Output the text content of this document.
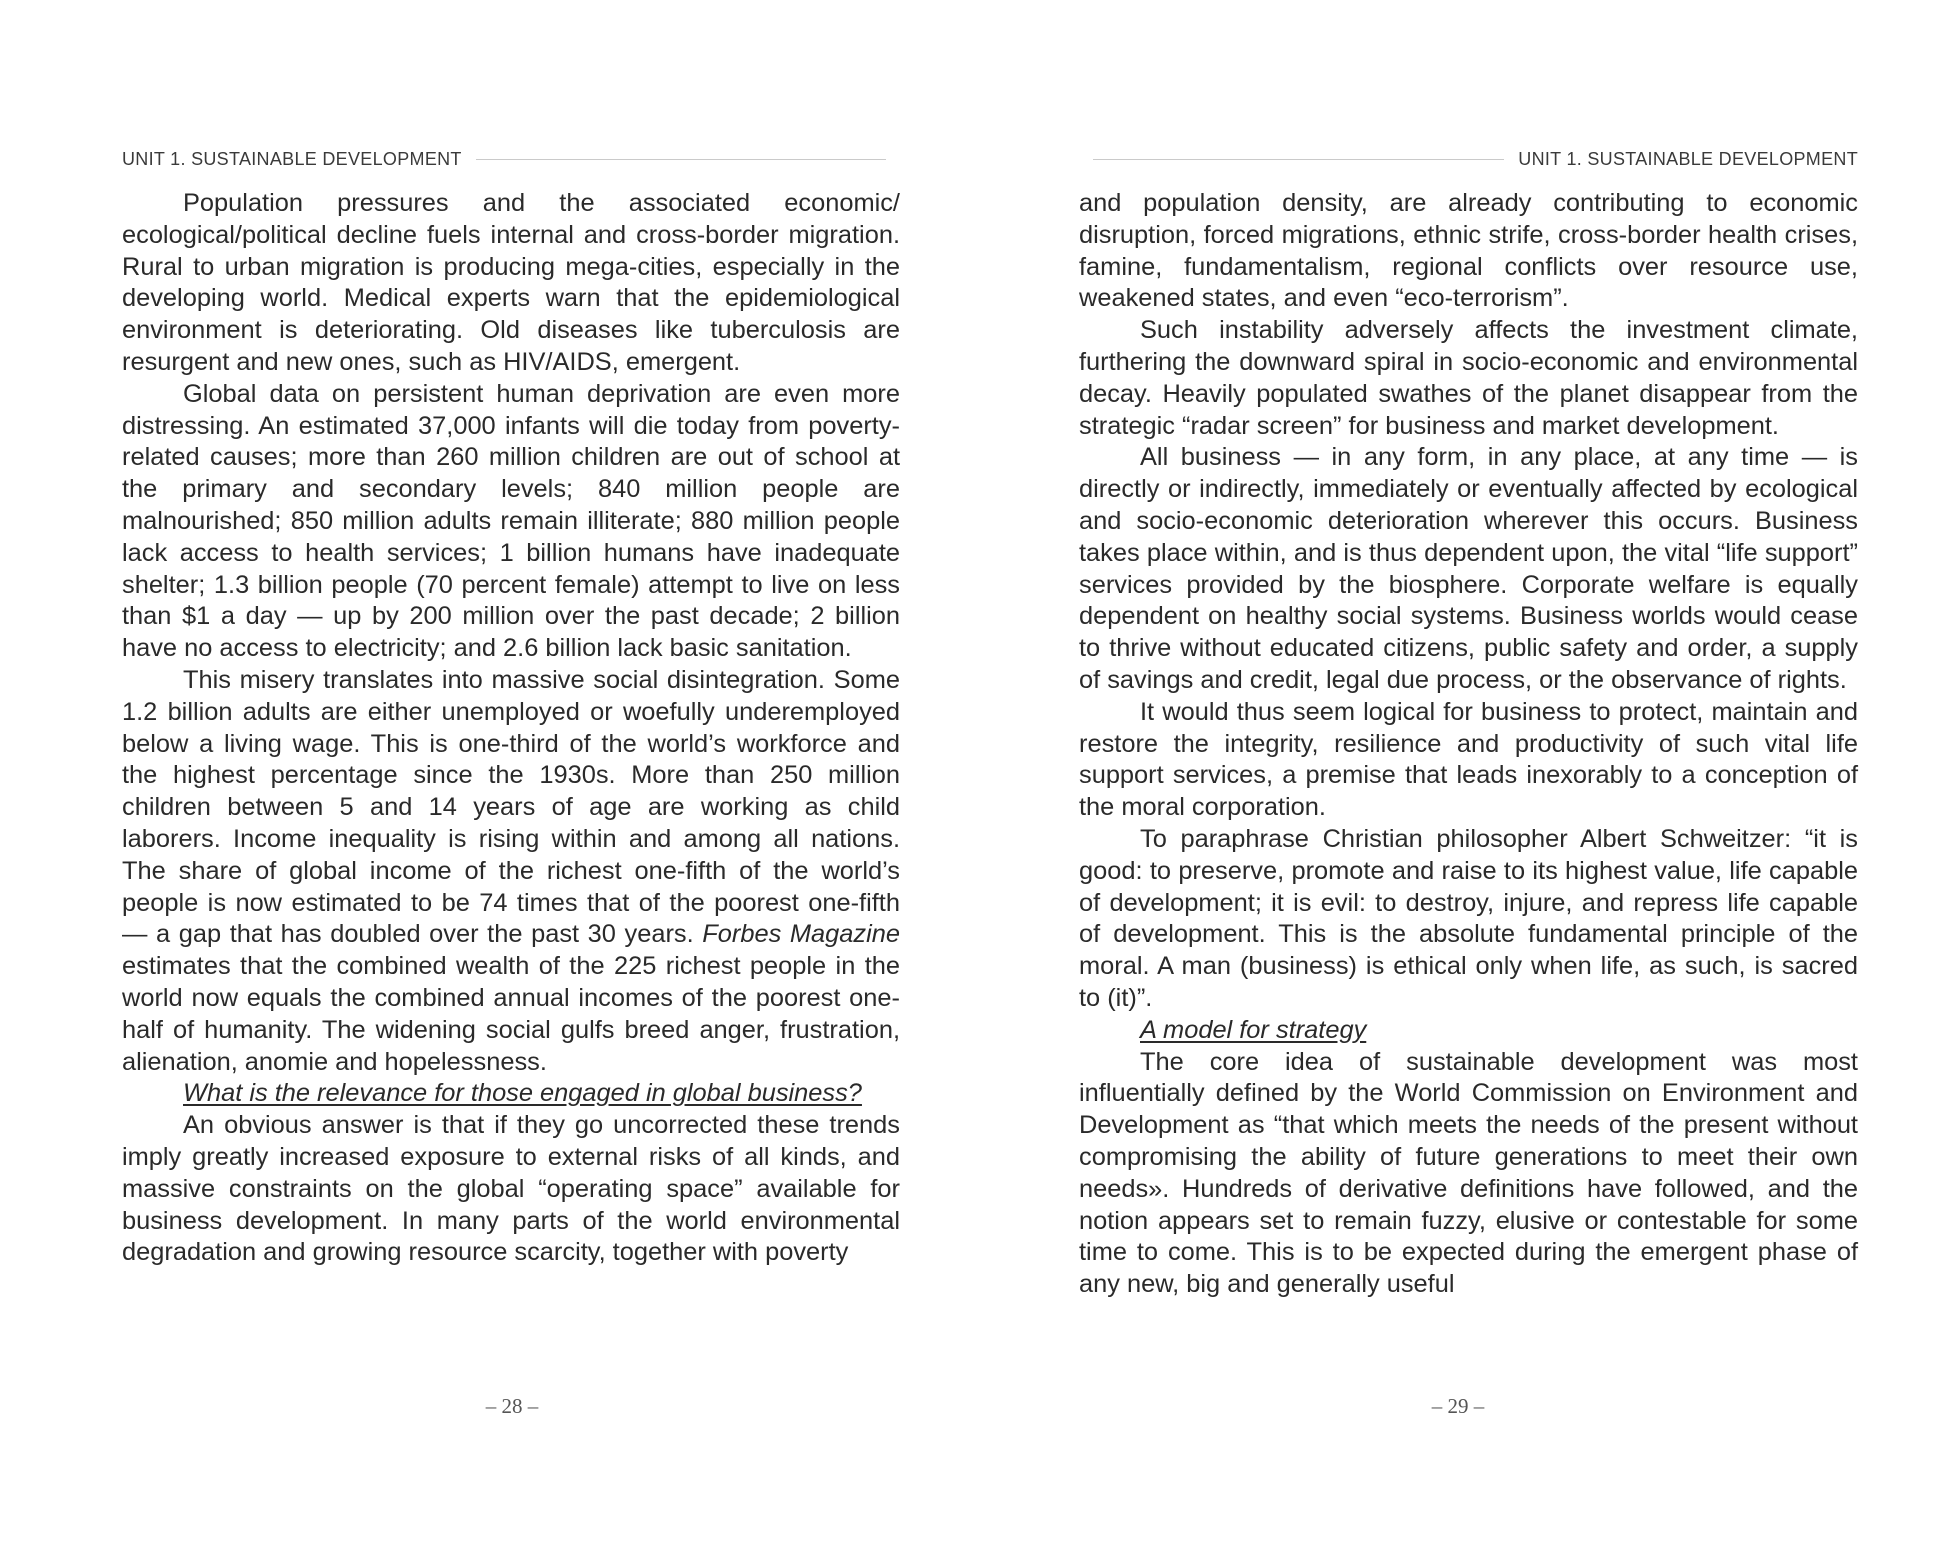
UNIT 1. SUSTAINABLE DEVELOPMENT

Population pressures and the associated economic/ ecological/political decline fuels internal and cross-border migration. Rural to urban migration is producing mega-cities, especially in the developing world. Medical experts warn that the epidemiological environment is deteriorating. Old diseases like tuberculosis are resurgent and new ones, such as HIV/AIDS, emergent.

Global data on persistent human deprivation are even more distressing. An estimated 37,000 infants will die today from poverty-related causes; more than 260 million children are out of school at the primary and secondary levels; 840 million people are malnourished; 850 million adults remain illiterate; 880 million people lack access to health services; 1 billion humans have inadequate shelter; 1.3 billion people (70 percent female) attempt to live on less than $1 a day — up by 200 million over the past decade; 2 billion have no access to electricity; and 2.6 billion lack basic sanitation.

This misery translates into massive social disintegration. Some 1.2 billion adults are either unemployed or woefully underemployed below a living wage. This is one-third of the world’s workforce and the highest percentage since the 1930s. More than 250 million children between 5 and 14 years of age are working as child laborers. Income inequality is rising within and among all nations. The share of global income of the richest one-fifth of the world’s people is now estimated to be 74 times that of the poorest one-fifth — a gap that has doubled over the past 30 years. Forbes Magazine estimates that the combined wealth of the 225 richest people in the world now equals the combined annual incomes of the poorest one-half of humanity. The widening social gulfs breed anger, frustration, alienation, anomie and hopelessness.

What is the relevance for those engaged in global business?

An obvious answer is that if they go uncorrected these trends imply greatly increased exposure to external risks of all kinds, and massive constraints on the global “operating space” available for business development. In many parts of the world environmental degradation and growing resource scarcity, together with poverty

– 28 –
UNIT 1. SUSTAINABLE DEVELOPMENT

and population density, are already contributing to economic disruption, forced migrations, ethnic strife, cross-border health crises, famine, fundamentalism, regional conflicts over resource use, weakened states, and even “eco-terrorism”.

Such instability adversely affects the investment climate, furthering the downward spiral in socio-economic and environmental decay. Heavily populated swathes of the planet disappear from the strategic “radar screen” for business and market development.

All business — in any form, in any place, at any time — is directly or indirectly, immediately or eventually affected by ecological and socio-economic deterioration wherever this occurs. Business takes place within, and is thus dependent upon, the vital “life support” services provided by the biosphere. Corporate welfare is equally dependent on healthy social systems. Business worlds would cease to thrive without educated citizens, public safety and order, a supply of savings and credit, legal due process, or the observance of rights.

It would thus seem logical for business to protect, maintain and restore the integrity, resilience and productivity of such vital life support services, a premise that leads inexorably to a conception of the moral corporation.

To paraphrase Christian philosopher Albert Schweitzer: “it is good: to preserve, promote and raise to its highest value, life capable of development; it is evil: to destroy, injure, and repress life capable of development. This is the absolute fundamental principle of the moral. A man (business) is ethical only when life, as such, is sacred to (it)”.

A model for strategy

The core idea of sustainable development was most influentially defined by the World Commission on Environment and Development as “that which meets the needs of the present without compromising the ability of future generations to meet their own needs». Hundreds of derivative definitions have followed, and the notion appears set to remain fuzzy, elusive or contestable for some time to come. This is to be expected during the emergent phase of any new, big and generally useful

– 29 –
